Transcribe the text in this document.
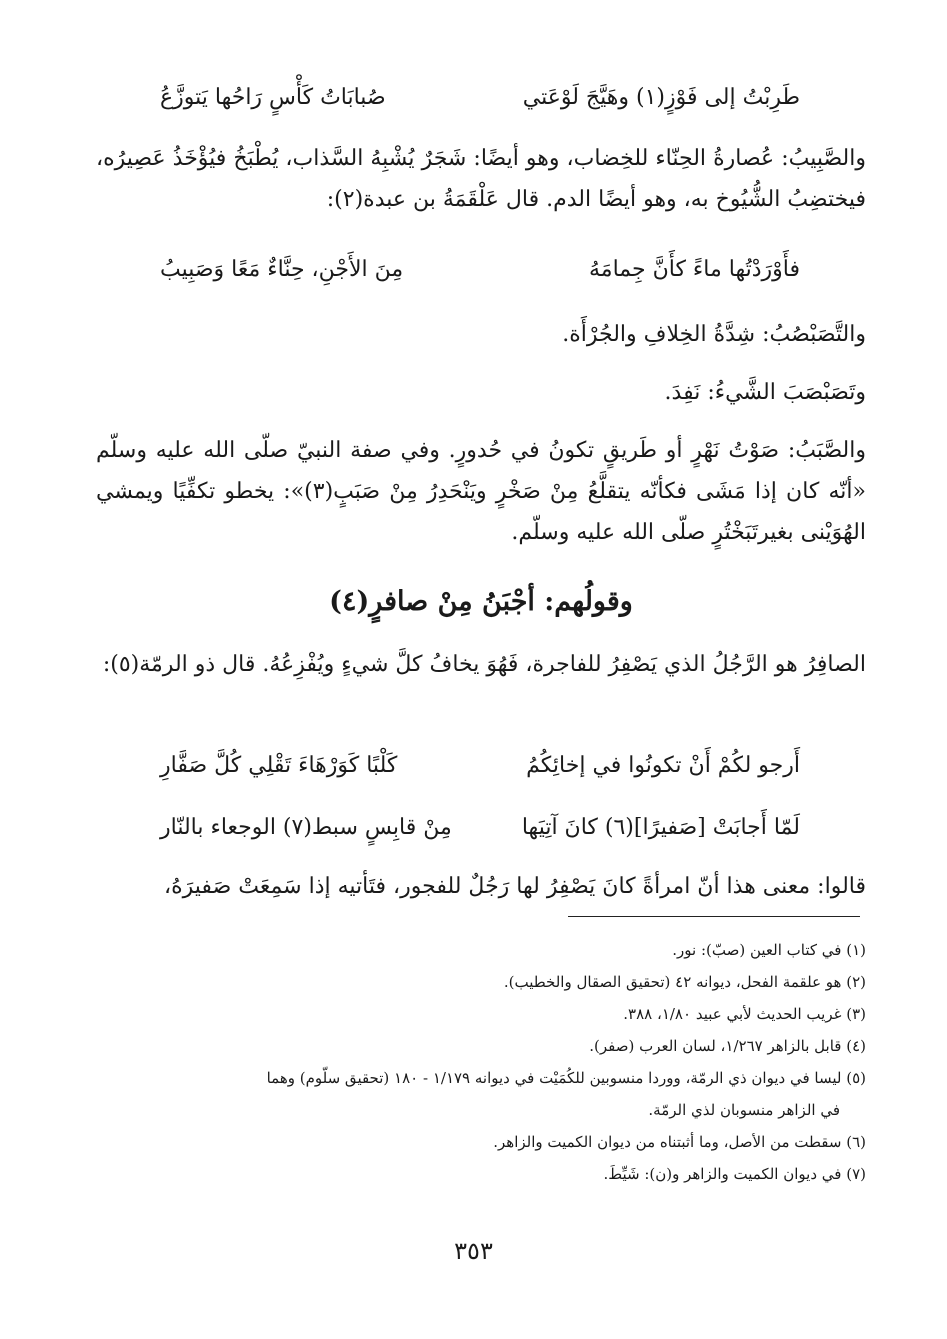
طَرِبْتُ إلى فَوْزٍ(١) وهَيَّجَ لَوْعَتي
صُبابَاتُ كَأْسٍ رَاحُها يَتوزَّعُ

والصَّبِيبُ: عُصارةُ الحِنّاء للخِضاب، وهو أيضًا: شَجَرٌ يُشْبِهُ السَّذاب، يُطْبَخُ فيُؤْخَذُ عَصِيرُه، فيختضِبُ الشُّيُوخ به، وهو أيضًا الدم. قال عَلْقَمَةُ بن عبدة(٢):

فأَوْرَدْتُها ماءً كأَنَّ جِمامَهُ
مِنَ الأَجْنِ، حِنَّاءٌ مَعًا وَصَبِيبُ

والتَّصَبْصُبُ: شِدَّةُ الخِلافِ والجُرْأَة.

وتَصَبْصَبَ الشَّيءُ: نَفِدَ.

والصَّبَبُ: صَوْتُ نَهْرٍ أو طَريقٍ تكونُ في حُدورٍ. وفي صفة النبيّ صلّى الله عليه وسلّم «أنّه كان إذا مَشَى فكأنّه يتقلَّعُ مِنْ صَخْرٍ ويَنْحَدِرُ مِنْ صَبَبٍ(٣)»: يخطو تكفِّيًا ويمشي الهُوَيْنى بغيرتَبَخْتُرٍ صلّى الله عليه وسلّم.

وقولُهم: أجْبَنُ مِنْ صافرٍ(٤)

الصافِرُ هو الرَّجُلُ الذي يَصْفِرُ للفاجرة، فَهُوَ يخافُ كلَّ شيءٍ ويُفْزِعُهُ. قال ذو الرمّة(٥):

أَرجو لكُمْ أَنْ تكونُوا في إخائِكُمُ
كَلْبًا كَوَرْهَاءَ تَقْلِي كُلَّ صَفَّارِ
لَمّا أَجابَتْ [صَفيرًا](٦) كانَ آتِيَها
مِنْ قابِسٍ سبط(٧) الوجعاء بالنّار

قالوا: معنى هذا أنّ امرأةً كانَ يَصْفِرُ لها رَجُلٌ للفجور، فتَأتيه إذا سَمِعَتْ صَفيرَهُ،

(١) في كتاب العين (صبّ): نور.
(٢) هو علقمة الفحل، ديوانه ٤٢ (تحقيق الصقال والخطيب).
(٣) غريب الحديث لأبي عبيد ١/٨٠، ٣٨٨.
(٤) قابل بالزاهر ١/٢٦٧، لسان العرب (صفر).
(٥) ليسا في ديوان ذي الرمّة، ووردا منسوبين للكُمَيْت في ديوانه ١/١٧٩ - ١٨٠ (تحقيق سلّوم) وهما
في الزاهر منسوبان لذي الرمّة.
(٦) سقطت من الأصل، وما أثبتناه من ديوان الكميت والزاهر.
(٧) في ديوان الكميت والزاهر و(ن): شَيِّطَ.
٣٥٣
